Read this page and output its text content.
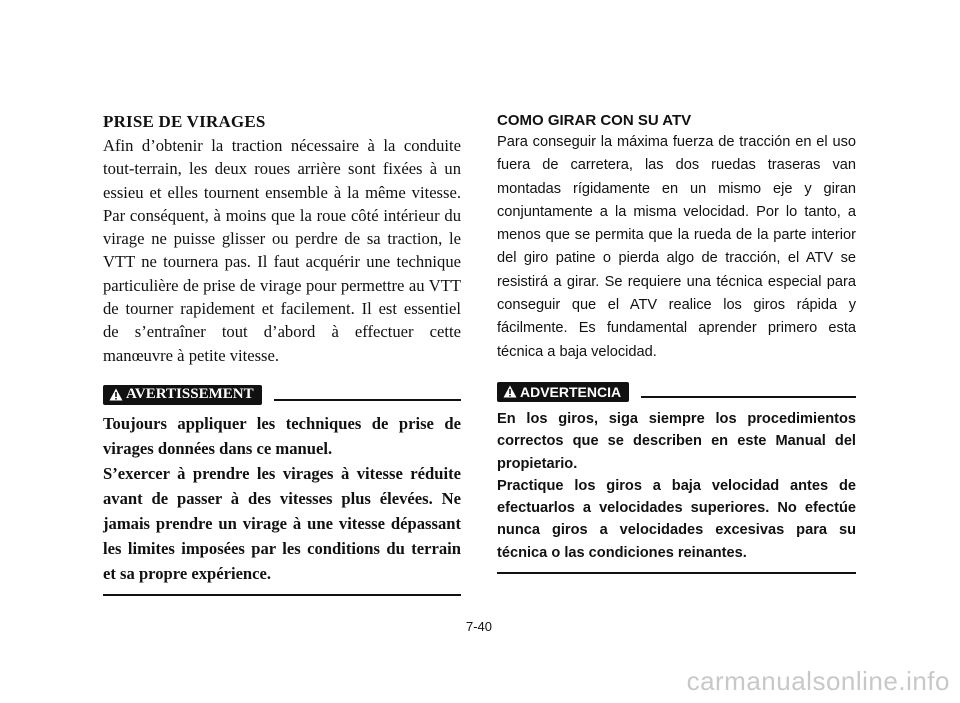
PRISE DE VIRAGES

Afin d’obtenir la traction nécessaire à la conduite tout-terrain, les deux roues arrière sont fixées à un essieu et elles tournent ensemble à la même vitesse. Par conséquent, à moins que la roue côté intérieur du virage ne puisse glisser ou perdre de sa traction, le VTT ne tournera pas. Il faut acquérir une technique particulière de prise de virage pour permettre au VTT de tourner rapidement et facilement. Il est essentiel de s’entraîner tout d’abord à effectuer cette manœuvre à petite vitesse.

AVERTISSEMENT

Toujours appliquer les techniques de prise de virages données dans ce manuel.

S’exercer à prendre les virages à vitesse réduite avant de passer à des vitesses plus élevées. Ne jamais prendre un virage à une vitesse dépassant les limites imposées par les conditions du terrain et sa propre expérience.

COMO GIRAR CON SU ATV

Para conseguir la máxima fuerza de tracción en el uso fuera de carretera, las dos ruedas traseras van montadas rígidamente en un mismo eje y giran conjuntamente a la misma velocidad. Por lo tanto, a menos que se permita que la rueda de la parte interior del giro patine o pierda algo de tracción, el ATV se resistirá a girar. Se requiere una técnica especial para conseguir que el ATV realice los giros rápida y fácilmente. Es fundamental aprender primero esta técnica a baja velocidad.

ADVERTENCIA

En los giros, siga siempre los procedimientos correctos que se describen en este Manual del propietario.

Practique los giros a baja velocidad antes de efectuarlos a velocidades superiores. No efectúe nunca giros a velocidades excesivas para su técnica o las condiciones reinantes.

7-40
carmanualsonline.info
